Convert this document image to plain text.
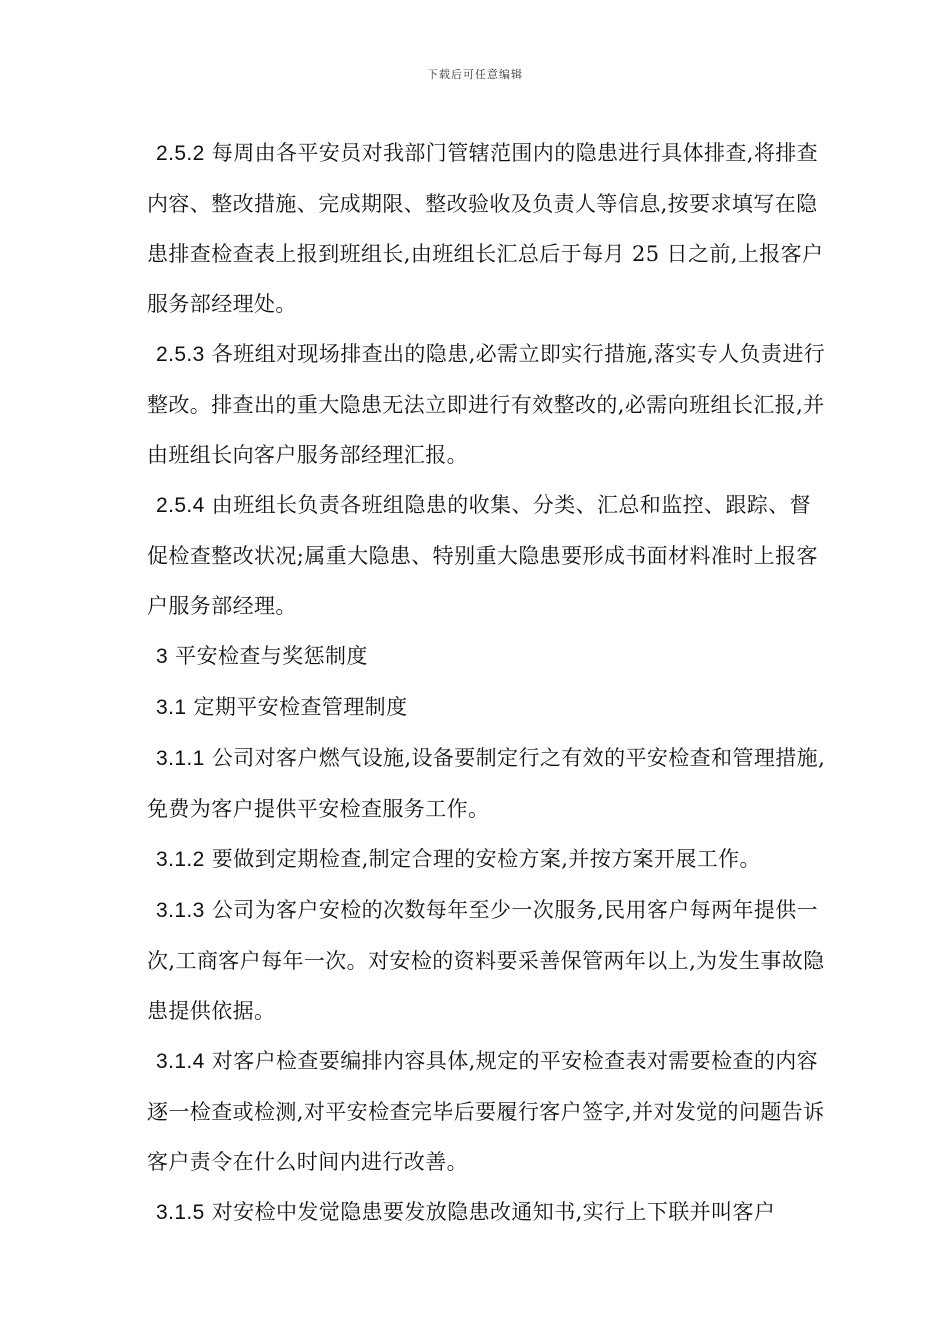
下载后可任意编辑

2.5.2 每周由各平安员对我部门管辖范围内的隐患进行具体排查,将排查内容、整改措施、完成期限、整改验收及负责人等信息,按要求填写在隐患排查检查表上报到班组长,由班组长汇总后于每月 25 日之前,上报客户服务部经理处。

2.5.3 各班组对现场排查出的隐患,必需立即实行措施,落实专人负责进行整改。排查出的重大隐患无法立即进行有效整改的,必需向班组长汇报,并由班组长向客户服务部经理汇报。

2.5.4 由班组长负责各班组隐患的收集、分类、汇总和监控、跟踪、督促检查整改状况;属重大隐患、特别重大隐患要形成书面材料准时上报客户服务部经理。

3 平安检查与奖惩制度

3.1 定期平安检查管理制度

3.1.1 公司对客户燃气设施,设备要制定行之有效的平安检查和管理措施,免费为客户提供平安检查服务工作。

3.1.2 要做到定期检查,制定合理的安检方案,并按方案开展工作。

3.1.3 公司为客户安检的次数每年至少一次服务,民用客户每两年提供一次,工商客户每年一次。对安检的资料要采善保管两年以上,为发生事故隐患提供依据。

3.1.4 对客户检查要编排内容具体,规定的平安检查表对需要检查的内容逐一检查或检测,对平安检查完毕后要履行客户签字,并对发觉的问题告诉客户责令在什么时间内进行改善。

3.1.5 对安检中发觉隐患要发放隐患改通知书,实行上下联并叫客户
